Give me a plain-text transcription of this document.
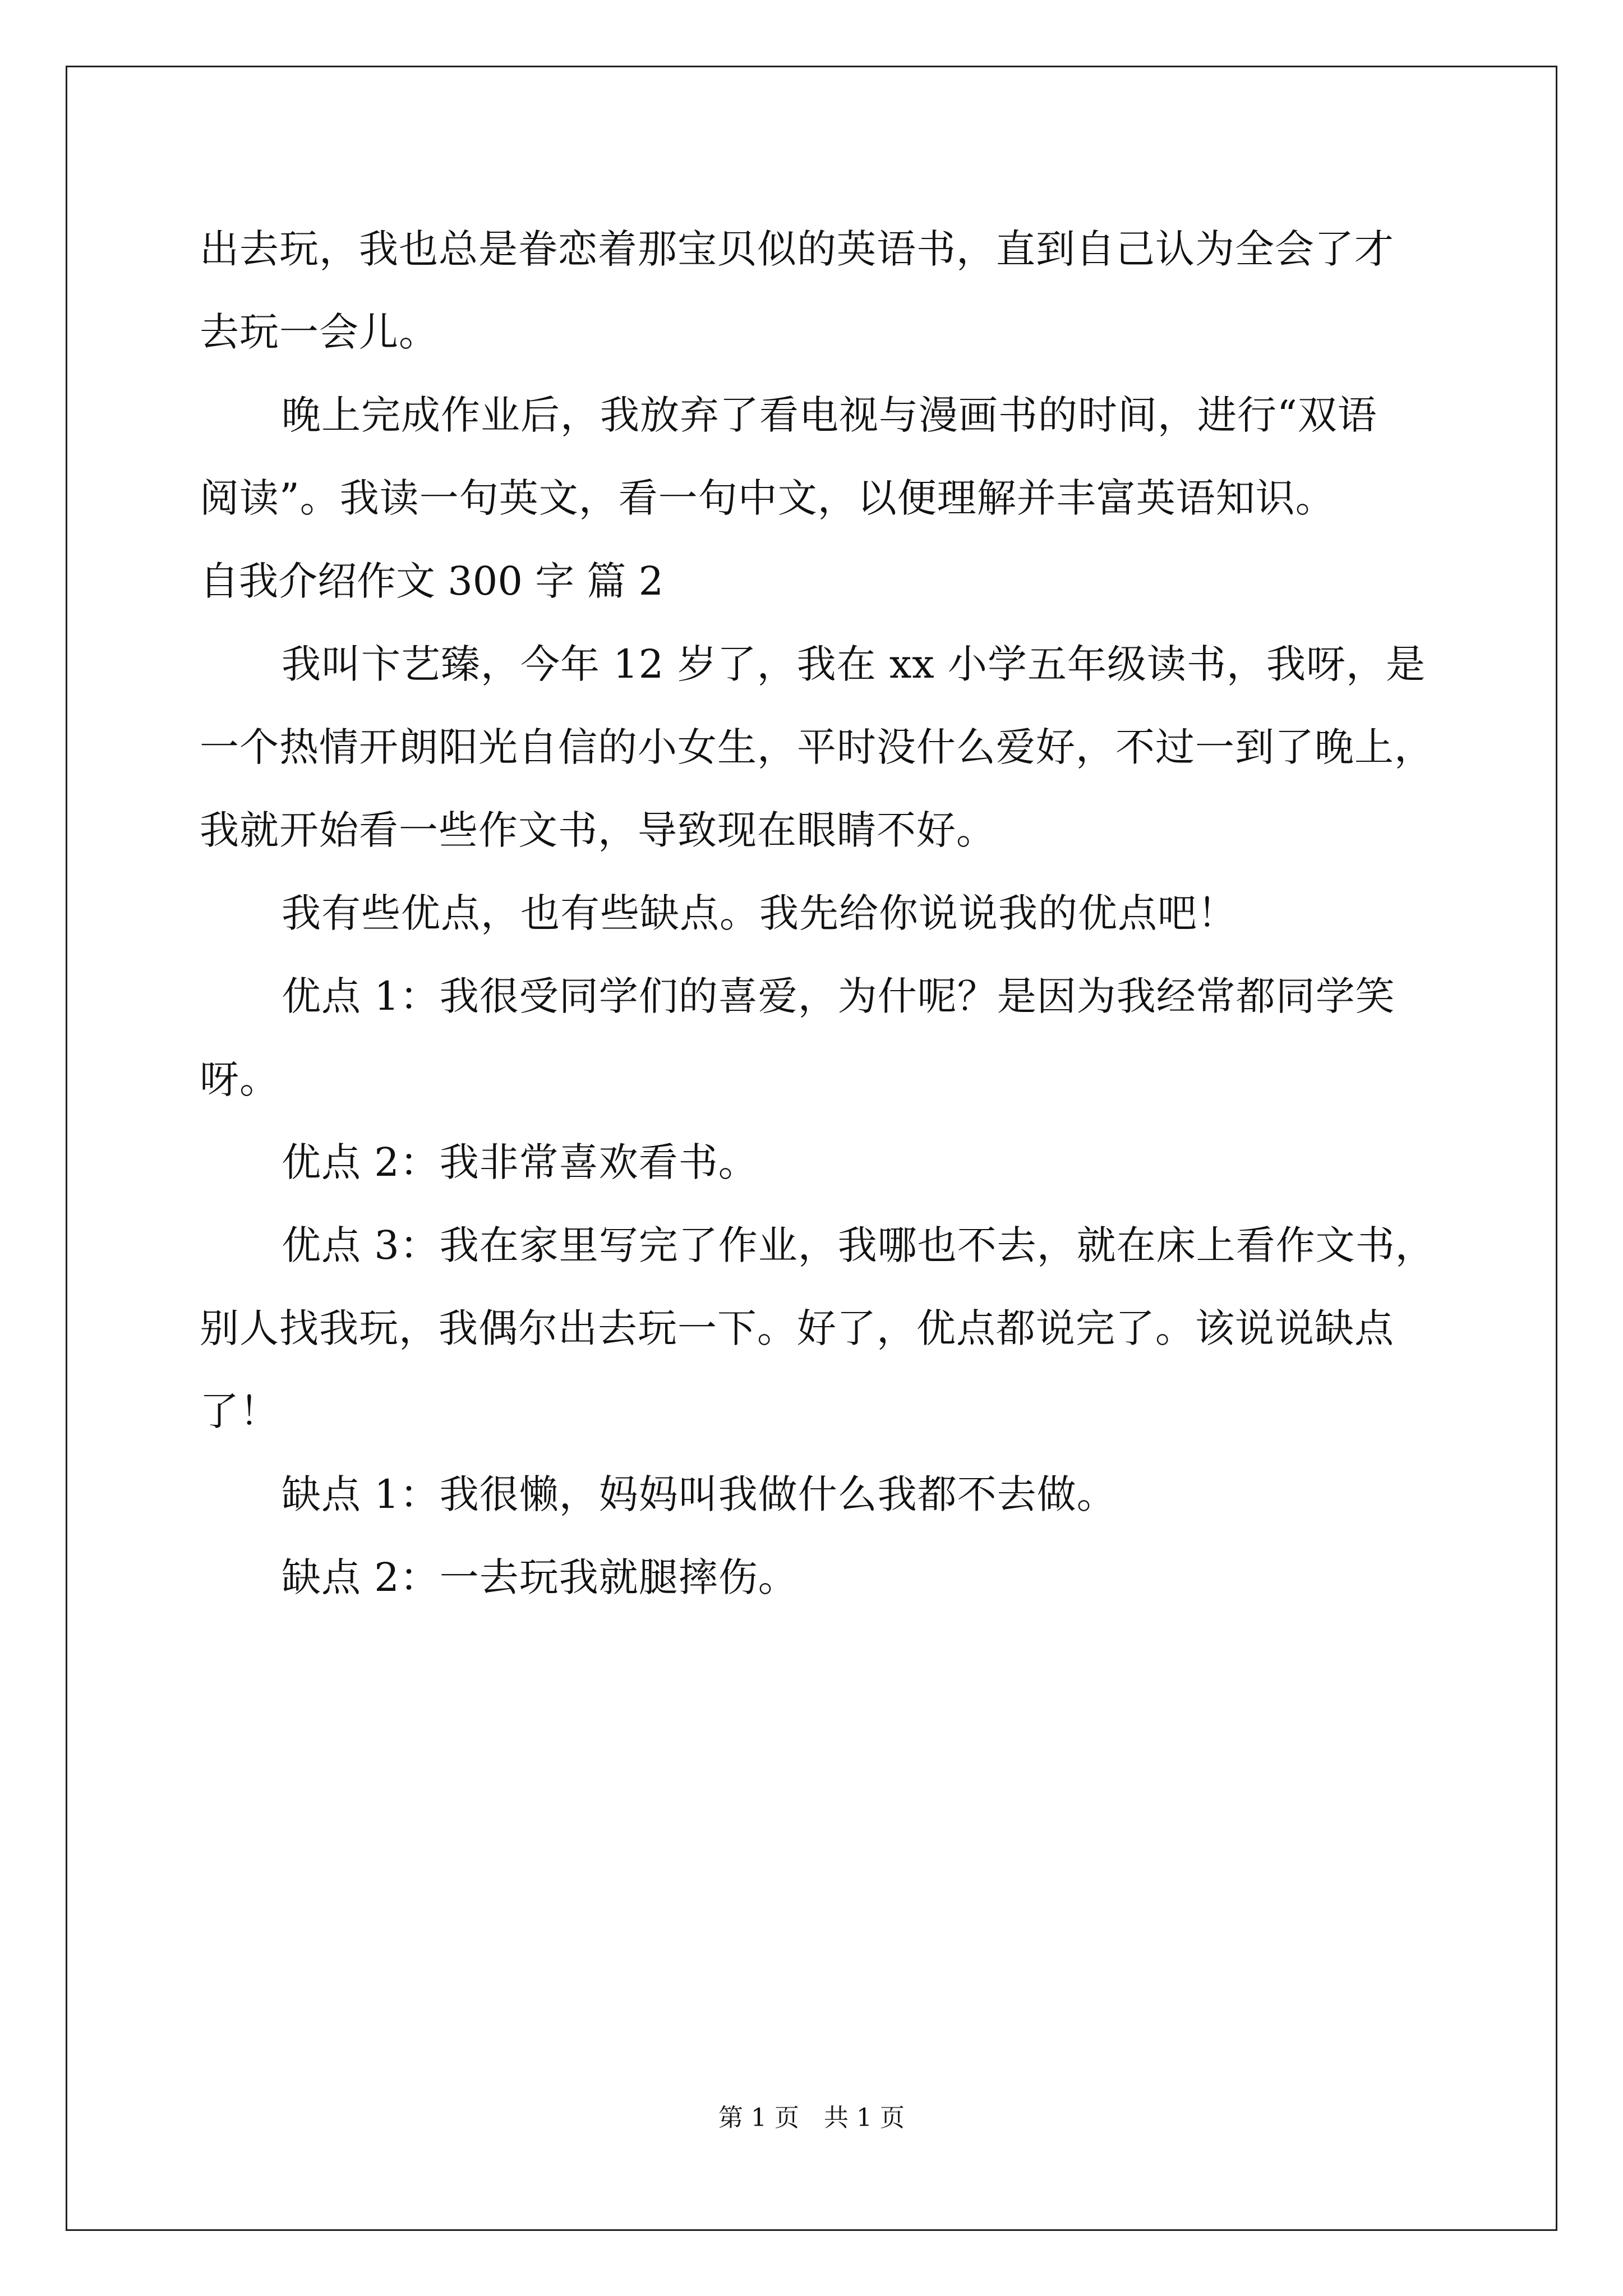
出去玩，我也总是眷恋着那宝贝似的英语书，直到自己认为全会了才
去玩一会儿。
晚上完成作业后，我放弃了看电视与漫画书的时间，进行“双语
阅读”。我读一句英文，看一句中文，以便理解并丰富英语知识。
自我介绍作文 300 字 篇 2
我叫卞艺臻，今年 12 岁了，我在 xx 小学五年级读书，我呀，是
一个热情开朗阳光自信的小女生，平时没什么爱好，不过一到了晚上，
我就开始看一些作文书，导致现在眼睛不好。
我有些优点，也有些缺点。我先给你说说我的优点吧！
优点 1：我很受同学们的喜爱，为什呢？是因为我经常都同学笑
呀。
优点 2：我非常喜欢看书。
优点 3：我在家里写完了作业，我哪也不去，就在床上看作文书，
别人找我玩，我偶尔出去玩一下。好了，优点都说完了。该说说缺点
了！
缺点 1：我很懒，妈妈叫我做什么我都不去做。
缺点 2：一去玩我就腿摔伤。
第 1 页　共 1 页
